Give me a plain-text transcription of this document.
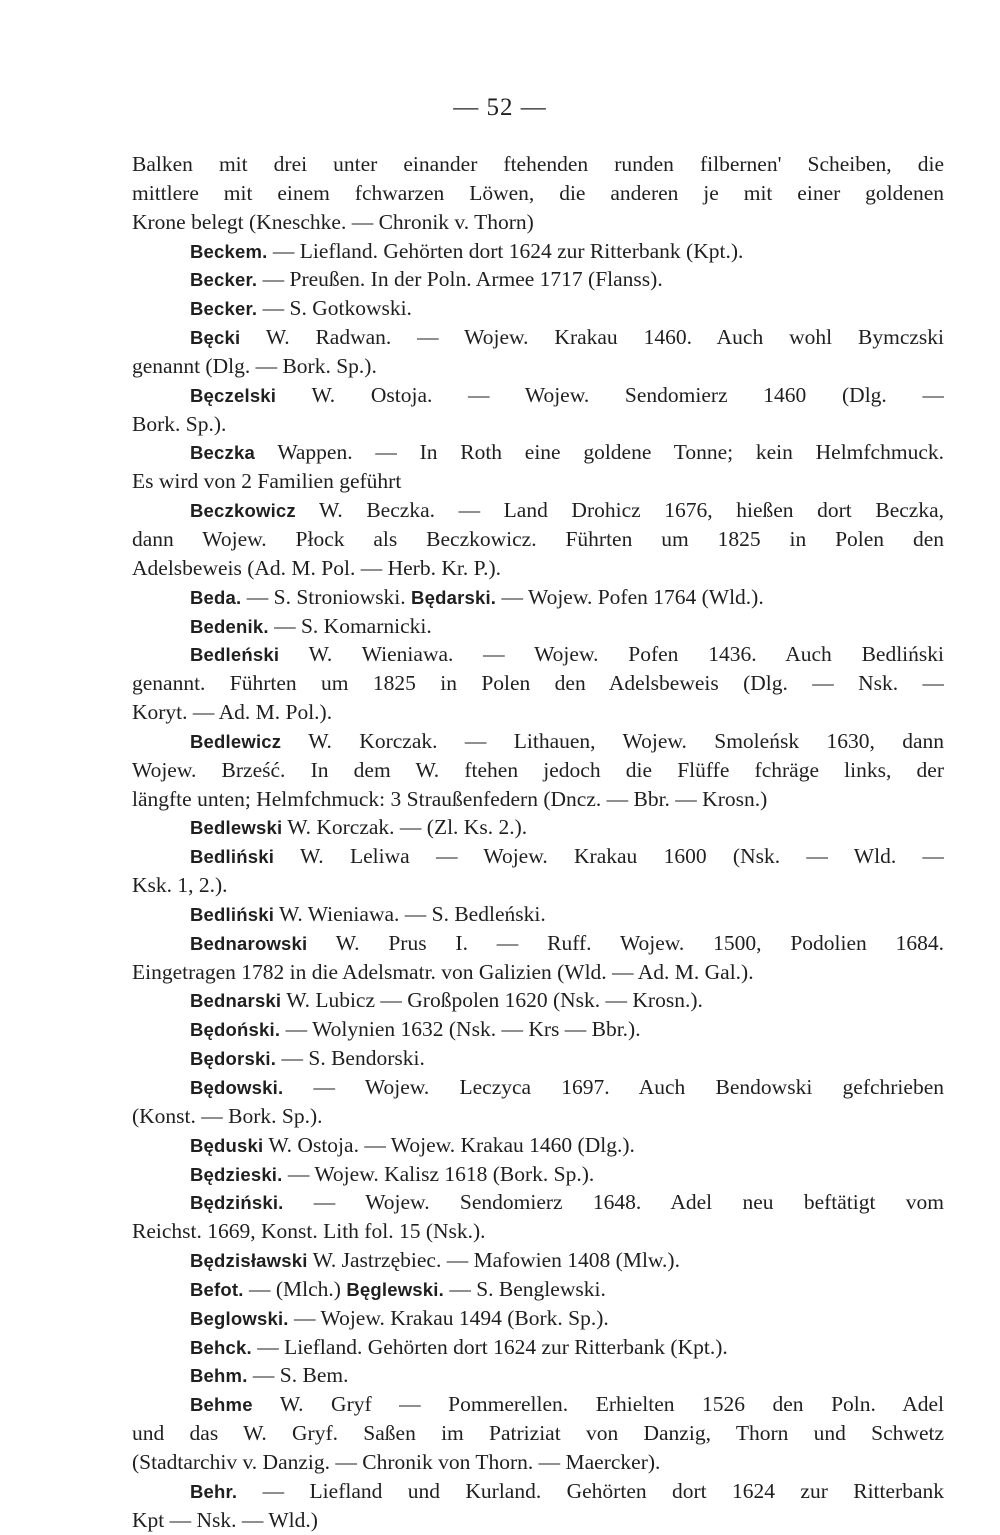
— 52 —
Balken mit drei unter einander ftehenden runden filbernen' Scheiben, die
mittlere mit einem fchwarzen Löwen, die anderen je mit einer goldenen
Krone belegt (Kneschke. — Chronik v. Thorn)
Beckem. — Liefland. Gehörten dort 1624 zur Ritterbank (Kpt.).
Becker. — Preußen. In der Poln. Armee 1717 (Flanss).
Becker. — S. Gotkowski.
Bęcki W. Radwan. — Wojew. Krakau 1460. Auch wohl Bymczski
genannt (Dlg. — Bork. Sp.).
Bęczelski W. Ostoja. — Wojew. Sendomierz 1460 (Dlg. —
Bork. Sp.).
Beczka Wappen. — In Roth eine goldene Tonne; kein Helmfchmuck.
Es wird von 2 Familien geführt
Beczkowicz W. Beczka. — Land Drohicz 1676, hießen dort Beczka,
dann Wojew. Płock als Beczkowicz. Führten um 1825 in Polen den
Adelsbeweis (Ad. M. Pol. — Herb. Kr. P.).
Beda. — S. Stroniowski. Będarski. — Wojew. Pofen 1764 (Wld.).
Bedenik. — S. Komarnicki.
Bedleński W. Wieniawa. — Wojew. Pofen 1436. Auch Bedliński
genannt. Führten um 1825 in Polen den Adelsbeweis (Dlg. — Nsk. —
Koryt. — Ad. M. Pol.).
Bedlewicz W. Korczak. — Lithauen, Wojew. Smoleńsk 1630, dann
Wojew. Brześć. In dem W. ftehen jedoch die Flüffe fchräge links, der
längfte unten; Helmfchmuck: 3 Straußenfedern (Dncz. — Bbr. — Krosn.)
Bedlewski W. Korczak. — (Zl. Ks. 2.).
Bedliński W. Leliwa — Wojew. Krakau 1600 (Nsk. — Wld. —
Ksk. 1, 2.).
Bedliński W. Wieniawa. — S. Bedleński.
Bednarowski W. Prus I. — Ruff. Wojew. 1500, Podolien 1684.
Eingetragen 1782 in die Adelsmatr. von Galizien (Wld. — Ad. M. Gal.).
Bednarski W. Lubicz — Großpolen 1620 (Nsk. — Krosn.).
Będoński. — Wolynien 1632 (Nsk. — Krs — Bbr.).
Będorski. — S. Bendorski.
Będowski. — Wojew. Leczyca 1697. Auch Bendowski gefchrieben
(Konst. — Bork. Sp.).
Będuski W. Ostoja. — Wojew. Krakau 1460 (Dlg.).
Będzieski. — Wojew. Kalisz 1618 (Bork. Sp.).
Będziński. — Wojew. Sendomierz 1648. Adel neu beftätigt vom
Reichst. 1669, Konst. Lith fol. 15 (Nsk.).
Będzisławski W. Jastrzębiec. — Mafowien 1408 (Mlw.).
Befot. — (Mlch.) Bęglewski. — S. Benglewski.
Beglowski. — Wojew. Krakau 1494 (Bork. Sp.).
Behck. — Liefland. Gehörten dort 1624 zur Ritterbank (Kpt.).
Behm. — S. Bem.
Behme W. Gryf — Pommerellen. Erhielten 1526 den Poln. Adel
und das W. Gryf. Saßen im Patriziat von Danzig, Thorn und Schwetz
(Stadtarchiv v. Danzig. — Chronik von Thorn. — Maercker).
Behr. — Liefland und Kurland. Gehörten dort 1624 zur Ritterbank
Kpt — Nsk. — Wld.)
